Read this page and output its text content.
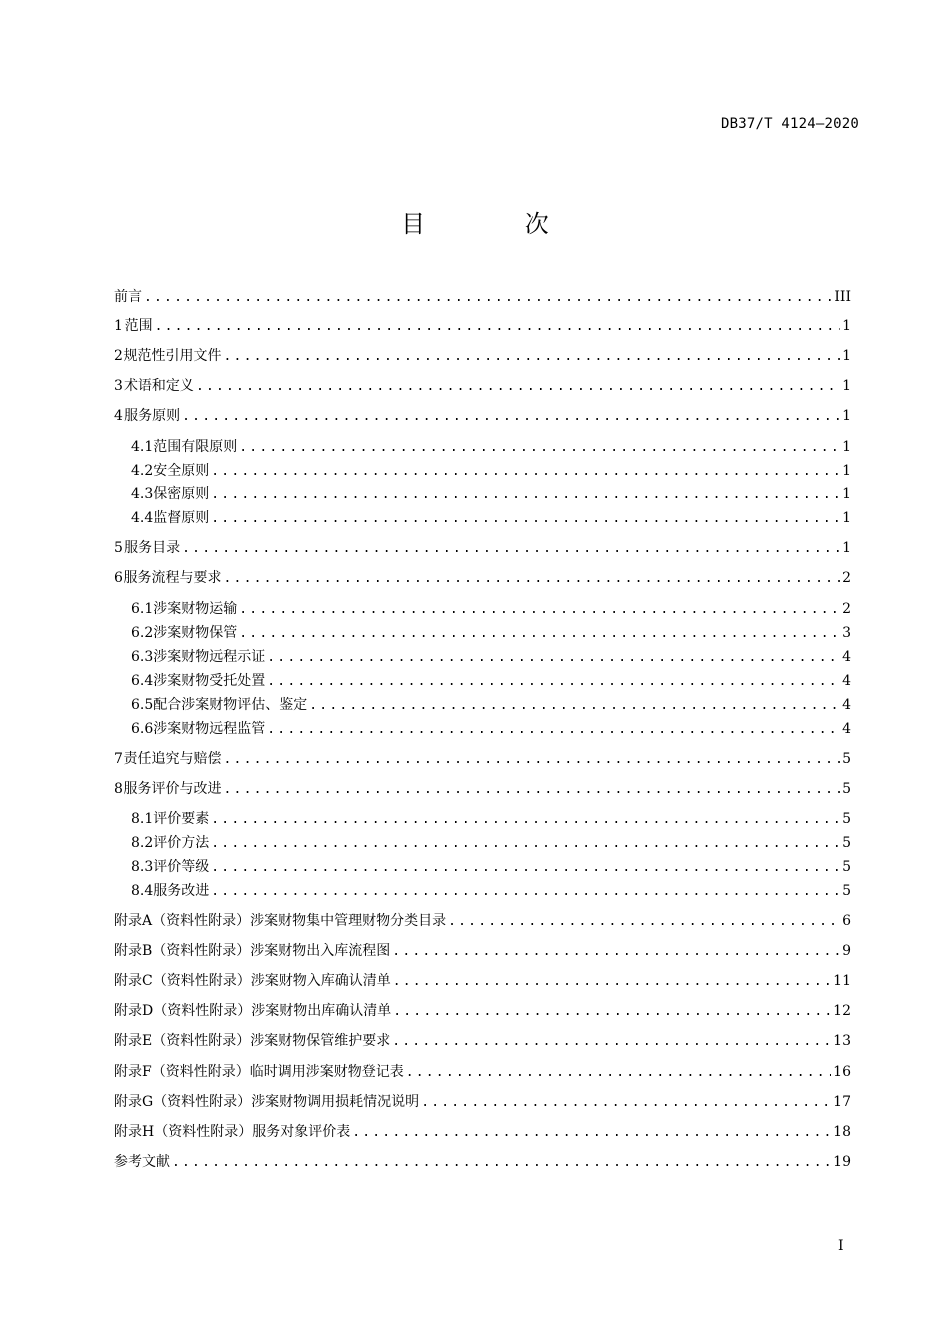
DB37/T 4124—2020
目 次
前言 .....	III
1 范围 .....	1
2 规范性引用文件 .....	1
3 术语和定义 .....	1
4 服务原则 .....	1
4.1 范围有限原则 .....	1
4.2 安全原则 .....	1
4.3 保密原则 .....	1
4.4 监督原则 .....	1
5 服务目录 .....	1
6 服务流程与要求 .....	2
6.1 涉案财物运输 .....	2
6.2 涉案财物保管 .....	3
6.3 涉案财物远程示证 .....	4
6.4 涉案财物受托处置 .....	4
6.5 配合涉案财物评估、鉴定 .....	4
6.6 涉案财物远程监管 .....	4
7 责任追究与赔偿 .....	5
8 服务评价与改进 .....	5
8.1 评价要素 .....	5
8.2 评价方法 .....	5
8.3 评价等级 .....	5
8.4 服务改进 .....	5
附录A（资料性附录） 涉案财物集中管理财物分类目录 .....	6
附录B（资料性附录） 涉案财物出入库流程图 .....	9
附录C（资料性附录） 涉案财物入库确认清单 .....	11
附录D（资料性附录） 涉案财物出库确认清单 .....	12
附录E（资料性附录） 涉案财物保管维护要求 .....	13
附录F（资料性附录） 临时调用涉案财物登记表 .....	16
附录G（资料性附录） 涉案财物调用损耗情况说明 .....	17
附录H（资料性附录） 服务对象评价表 .....	18
参考文献 .....	19
I
